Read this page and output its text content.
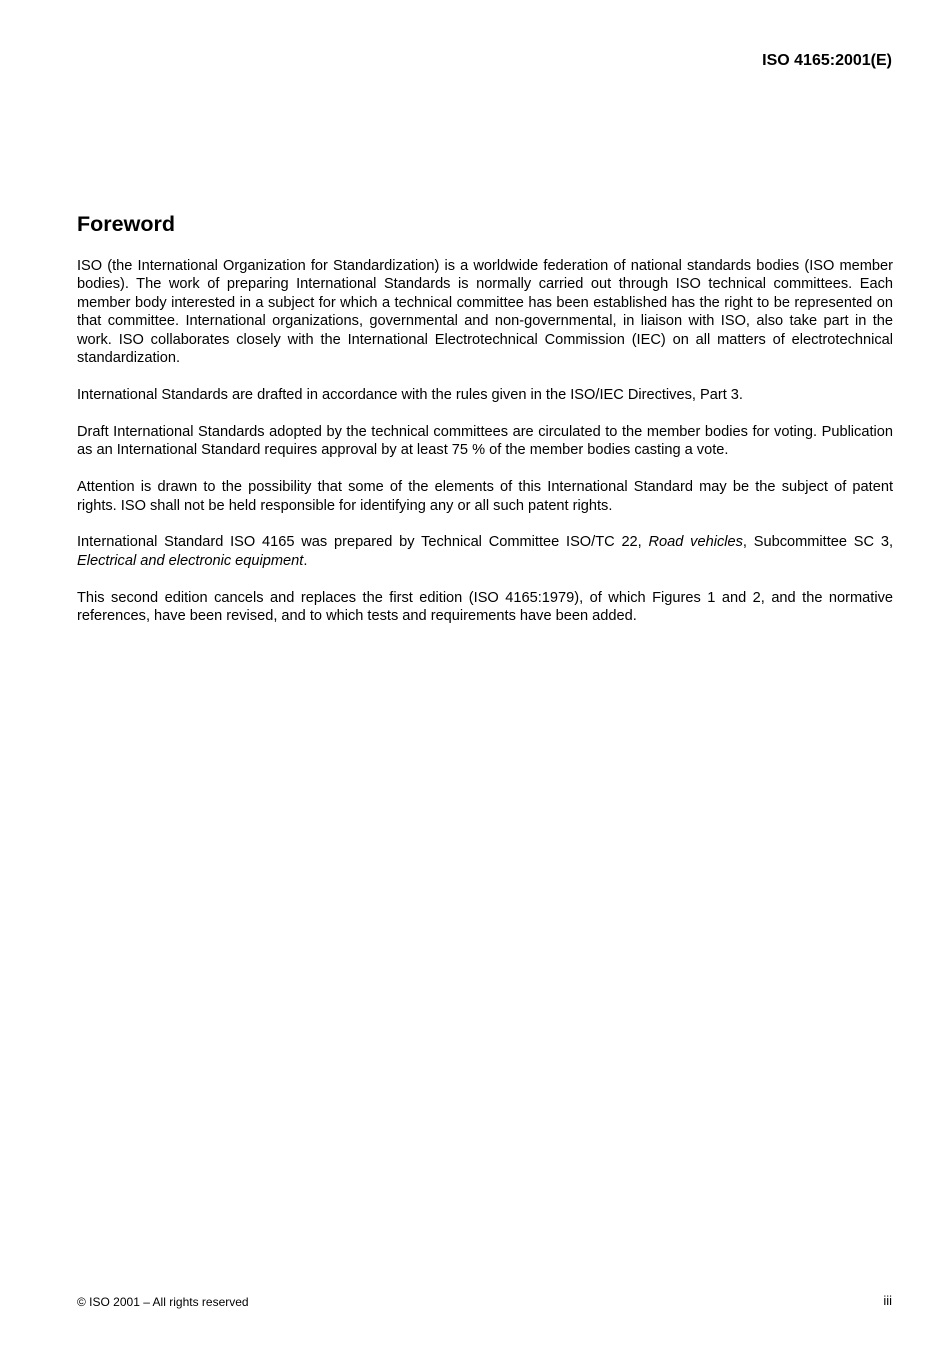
ISO 4165:2001(E)

Foreword

ISO (the International Organization for Standardization) is a worldwide federation of national standards bodies (ISO member bodies). The work of preparing International Standards is normally carried out through ISO technical committees. Each member body interested in a subject for which a technical committee has been established has the right to be represented on that committee. International organizations, governmental and non-governmental, in liaison with ISO, also take part in the work. ISO collaborates closely with the International Electrotechnical Commission (IEC) on all matters of electrotechnical standardization.

International Standards are drafted in accordance with the rules given in the ISO/IEC Directives, Part 3.

Draft International Standards adopted by the technical committees are circulated to the member bodies for voting. Publication as an International Standard requires approval by at least 75 % of the member bodies casting a vote.

Attention is drawn to the possibility that some of the elements of this International Standard may be the subject of patent rights. ISO shall not be held responsible for identifying any or all such patent rights.

International Standard ISO 4165 was prepared by Technical Committee ISO/TC 22, Road vehicles, Subcommittee SC 3, Electrical and electronic equipment.

This second edition cancels and replaces the first edition (ISO 4165:1979), of which Figures 1 and 2, and the normative references, have been revised, and to which tests and requirements have been added.

© ISO 2001 – All rights reserved	iii
